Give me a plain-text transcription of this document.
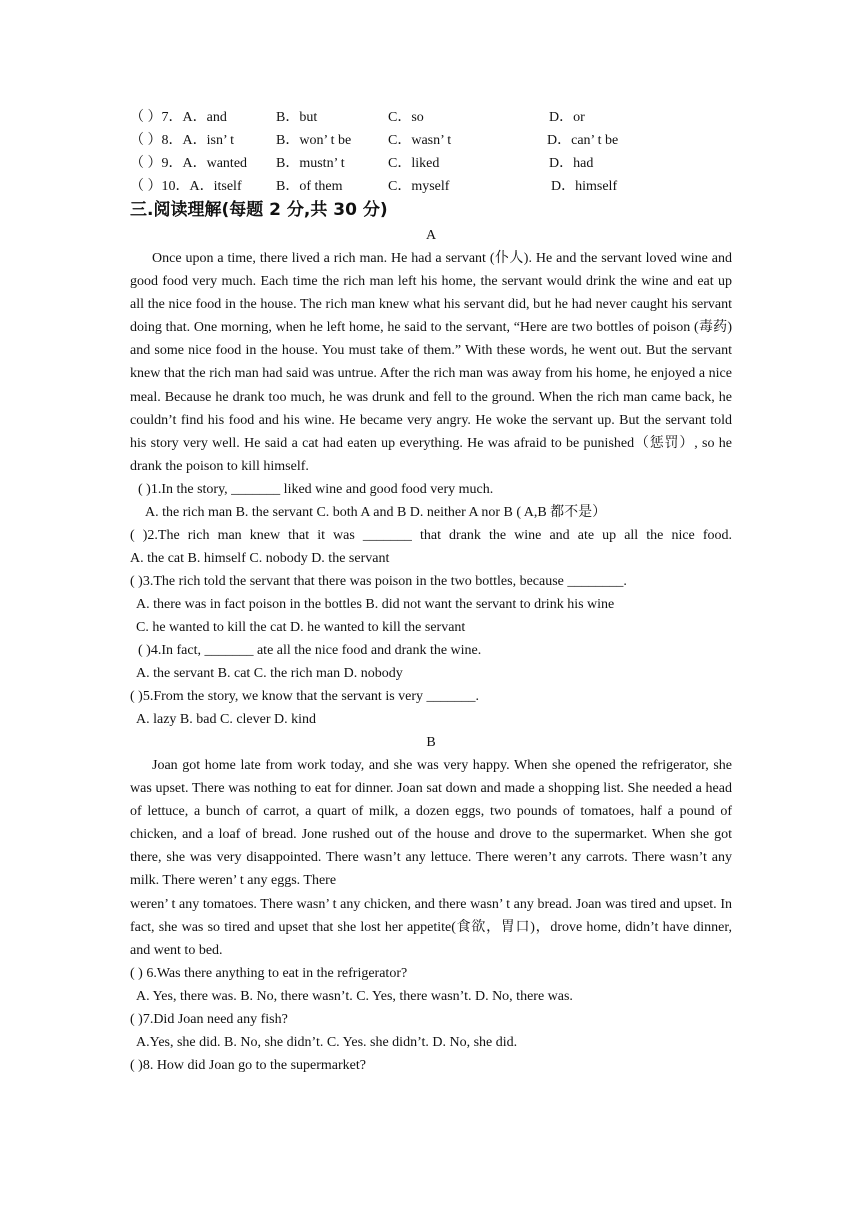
（ ）7．A．and	B．but	C．so	D．or
（ ）8．A．isn’ t	B．won’ t be	C．wasn’ t	D．can’ t be
（ ）9．A．wanted B．mustn’ t	C．liked	D．had
（ ）10．A．itself B．of them	C．myself	D．himself
三.阅读理解(每题 2 分,共 30 分)
A
Once upon a time, there lived a rich man. He had a servant (仆人). He and the servant loved wine and good food very much. Each time the rich man left his home, the servant would drink the wine and eat up all the nice food in the house. The rich man knew what his servant did, but he had never caught his servant doing that. One morning, when he left home, he said to the servant, “Here are two bottles of poison (毒药) and some nice food in the house. You must take of them.” With these words, he went out. But the servant knew that the rich man had said was untrue. After the rich man was away from his home, he enjoyed a nice meal. Because he drank too much, he was drunk and fell to the ground. When the rich man came back, he couldn’t find his food and his wine. He became very angry. He woke the servant up. But the servant told his story very well. He said a cat had eaten up everything. He was afraid to be punished（惩罚）, so he drank the poison to kill himself.
( )1.In the story, _______ liked wine and good food very much.
A. the rich man B. the servant C. both A and B D. neither A nor B ( A,B 都不是）
( )2.The rich man knew that it was _______ that drank the wine and ate up all the nice food.
A. the cat B. himself C. nobody D. the servant
( )3.The rich told the servant that there was poison in the two bottles, because ________.
A. there was in fact poison in the bottles B. did not want the servant to drink his wine
C. he wanted to kill the cat D. he wanted to kill the servant
( )4.In fact, _______ ate all the nice food and drank the wine.
A. the servant B. cat C. the rich man D. nobody
( )5.From the story, we know that the servant is very _______.
A. lazy B. bad C. clever D. kind
B
Joan got home late from work today, and she was very happy. When she opened the refrigerator, she was upset. There was nothing to eat for dinner. Joan sat down and made a shopping list. She needed a head of lettuce, a bunch of carrot, a quart of milk, a dozen eggs, two pounds of tomatoes, half a pound of chicken, and a loaf of bread. Jone rushed out of the house and drove to the supermarket. When she got there, she was very disappointed. There wasn’t any lettuce. There weren’t any carrots. There wasn’t any milk. There weren’ t any eggs. There
weren’ t any tomatoes. There wasn’ t any chicken, and there wasn’ t any bread. Joan was tired and upset. In fact, she was so tired and upset that she lost her appetite(食欲，胃口)，drove home, didn’t have dinner, and went to bed.
( ) 6.Was there anything to eat in the refrigerator?
A. Yes, there was. B. No, there wasn’t. C. Yes, there wasn’t. D. No, there was.
( )7.Did Joan need any fish?
A.Yes, she did. B. No, she didn’t. C. Yes. she didn’t. D. No, she did.
( )8. How did Joan go to the supermarket?
